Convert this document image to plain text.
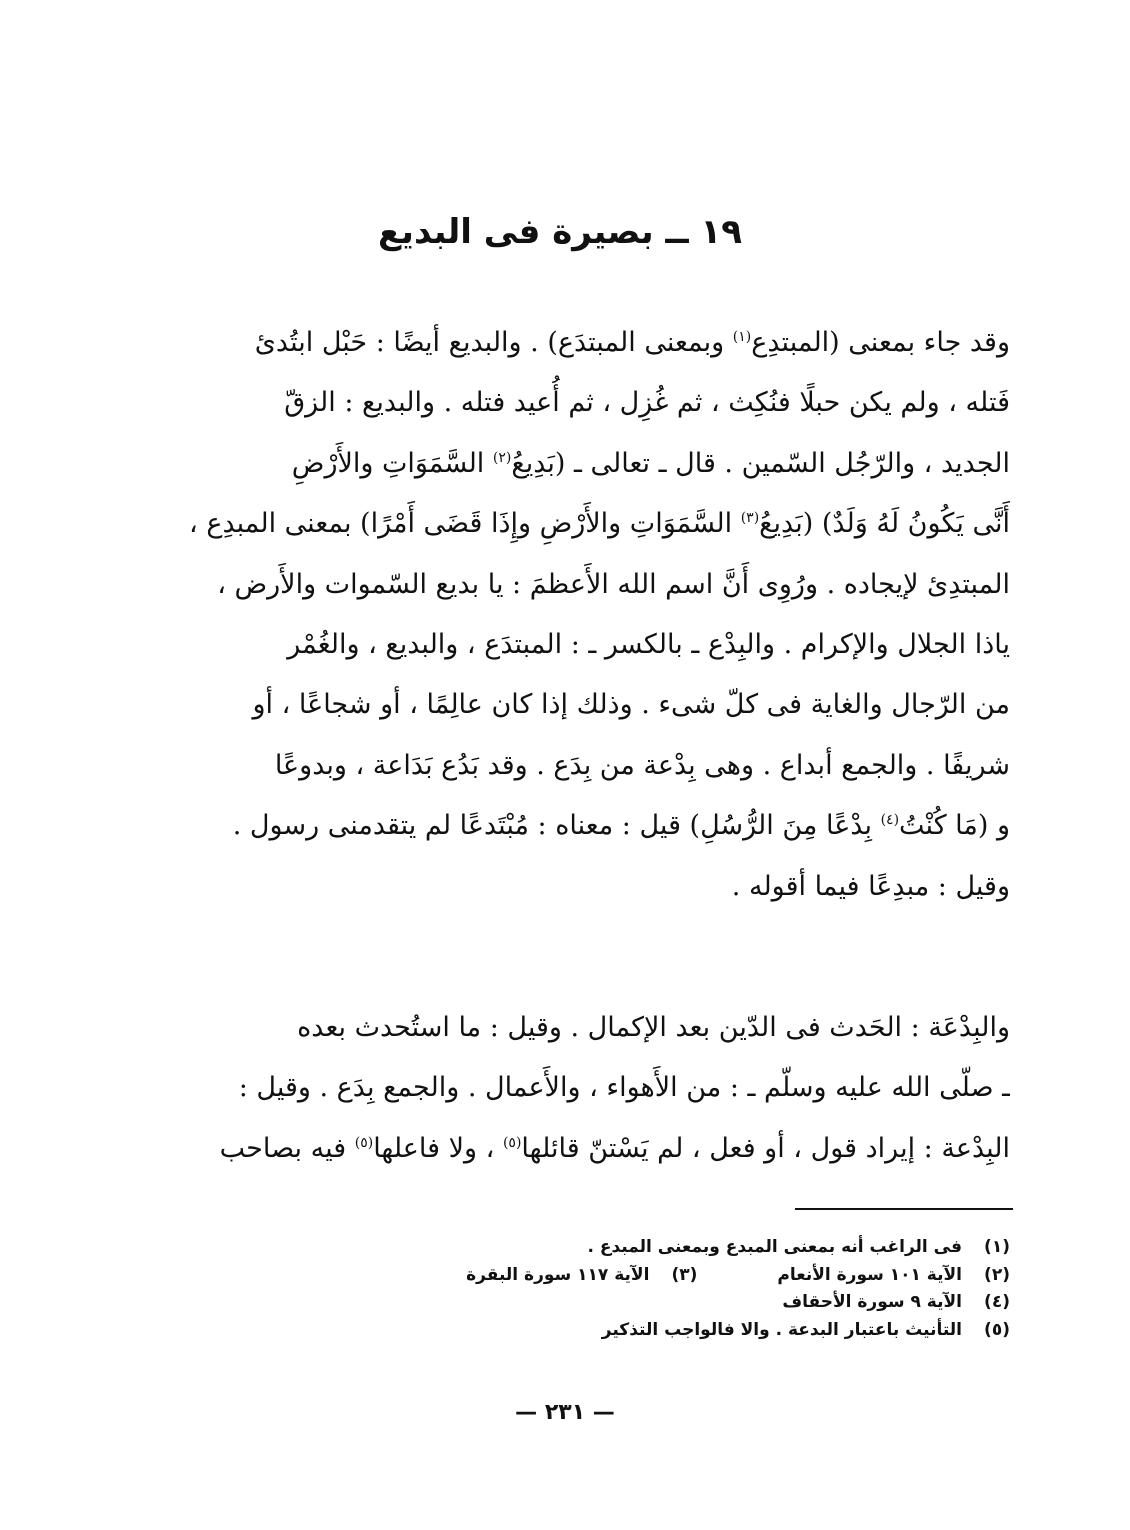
١٩ ــ بصيرة فى البديع
وقد جاء بمعنى (المبتدِع$^{(١)}$ وبمعنى المبتدَع) . والبديع أيضًا : حَبْل ابتُدئ
فَتله ، ولم يكن حبلًا فنُكِث ، ثم غُزِل ، ثم أُعيد فتله . والبديع : الزقّ
الجديد ، والرّجُل السّمين . قال ـ تعالى ـ (بَدِيعُ$^{(٢)}$ السَّمَوَاتِ والأَرْضِ
أَنَّى يَكُونُ لَهُ وَلَدٌ) (بَدِيعُ$^{(٣)}$ السَّمَوَاتِ والأَرْضِ وإِذَا قَضَى أَمْرًا) بمعنى المبدِع ،
المبتدِئ لإيجاده . ورُوِى أَنَّ اسم الله الأَعظمَ : يا بديع السّموات والأَرض ،
ياذا الجلال والإكرام . والبِدْع ـ بالكسر ـ : المبتدَع ، والبديع ، والغُمْر
من الرّجال والغاية فى كلّ شىء . وذلك إذا كان عالِمًا ، أو شجاعًا ، أو
شريفًا . والجمع أبداع . وهى بِدْعة من بِدَع . وقد بَدُع بَدَاعة ، وبدوعًا
و (مَا كُنْتُ$^{(٤)}$ بِدْعًا مِنَ الرُّسُلِ) قيل : معناه : مُبْتَدعًا لم يتقدمنى رسول .
وقيل : مبدِعًا فيما أقوله .
والبِدْعَة : الحَدث فى الدّين بعد الإكمال . وقيل : ما استُحدث بعده
ـ صلّى الله عليه وسلّم ـ : من الأَهواء ، والأَعمال . والجمع بِدَع . وقيل :
البِدْعة : إيراد قول ، أو فعل ، لم يَسْتنّ قائلها$^{(٥)}$ ، ولا فاعلها$^{(٥)}$ فيه بصاحب
(١)
فى الراغب أنه بمعنى المبدع وبمعنى المبدع .
(٢)
الآية ١٠١ سورة الأنعام
(٣)
الآية ١١٧ سورة البقرة
(٤)
الآية ٩ سورة الأحقاف
(٥)
التأنيث باعتبار البدعة . والا فالواجب التذكير
— ٢٣١ —
